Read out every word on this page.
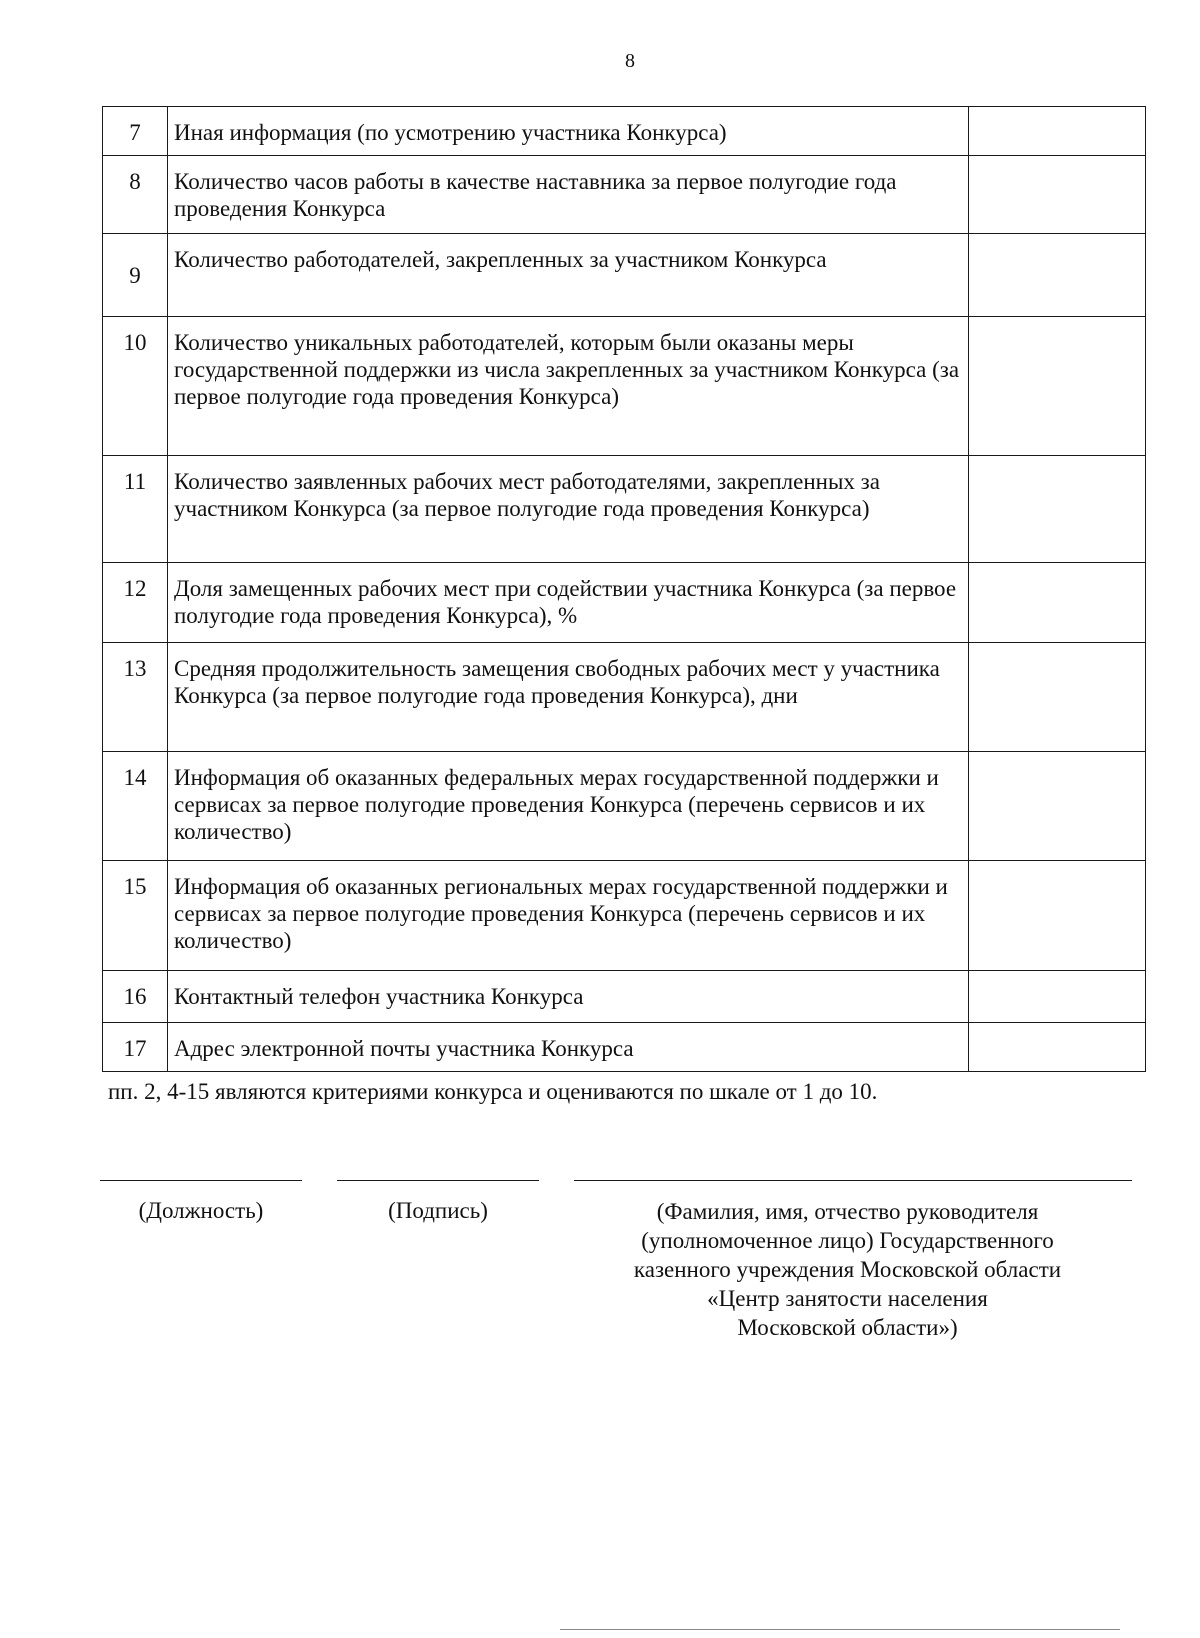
8
7	Иная информация (по усмотрению участника Конкурса)	
8	Количество часов работы в качестве наставника за первое полугодие года проведения Конкурса	
9	Количество работодателей, закрепленных за участником Конкурса	
10	Количество уникальных работодателей, которым были оказаны меры государственной поддержки из числа закрепленных за участником Конкурса (за первое полугодие года проведения Конкурса)	
11	Количество заявленных рабочих мест работодателями, закрепленных за участником Конкурса (за первое полугодие года проведения Конкурса)	
12	Доля замещенных рабочих мест при содействии участника Конкурса (за первое полугодие года проведения Конкурса), %	
13	Средняя продолжительность замещения свободных рабочих мест у участника Конкурса (за первое полугодие года проведения Конкурса), дни	
14	Информация об оказанных федеральных мерах государственной поддержки и сервисах за первое полугодие проведения Конкурса (перечень сервисов и их количество)	
15	Информация об оказанных региональных мерах государственной поддержки и сервисах за первое полугодие проведения Конкурса (перечень сервисов и их количество)	
16	Контактный телефон участника Конкурса	
17	Адрес электронной почты участника Конкурса	
пп. 2, 4-15 являются критериями конкурса и оцениваются по шкале от 1 до 10.
(Должность)	(Подпись)	(Фамилия, имя, отчество руководителя
(уполномоченное лицо) Государственного
казенного учреждения Московской области
«Центр занятости населения
Московской области»)
